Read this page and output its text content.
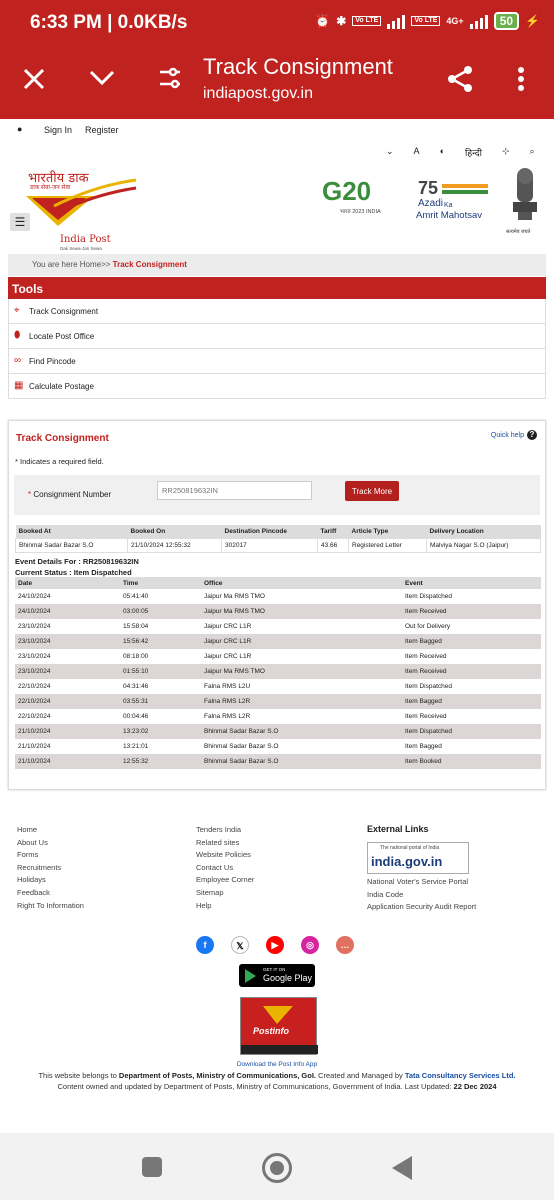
6:33 PM | 0.0KB/s	⏰ ✱	Vo LTE	Vo LTE	4G+	50	⚡
Track Consignment
indiapost.gov.in
● Sign In Register
⌄ A ◐ हिन्दी ⊹ ⌕
भारतीय डाक
डाक सेवा-जन सेवा
India Post
Dak Sewa-Jan Sewa
☰
G20
भारत 2023 INDIA
75
Azadi Ka
Amrit Mahotsav
सत्यमेव जयते
You are here Home>> Track Consignment
Tools
⌖	Track Consignment
⬮	Locate Post Office
∞ Find Pincode
▦ Calculate Postage
Track Consignment	Quick help ?
* Indicates a required field.
* Consignment Number
RR250819632IN	Track More
Booked At	Booked On	Destination Pincode	Tariff	Article Type	Delivery Location
Bhinmal Sadar Bazar S.O	21/10/2024 12:55:32	302017	43.66	Registered Letter	Malviya Nagar S.O (Jaipur)
Event Details For : RR250819632IN
Current Status : Item Dispatched
Date	Time	Office	Event
24/10/2024	05:41:40	Jaipur Ma RMS TMO	Item Dispatched
24/10/2024	03:00:05	Jaipur Ma RMS TMO	Item Received
23/10/2024	15:58:04	Jaipur CRC L1R	Out for Delivery
23/10/2024	15:56:42	Jaipur CRC L1R	Item Bagged
23/10/2024	08:18:00	Jaipur CRC L1R	Item Received
23/10/2024	01:55:10	Jaipur Ma RMS TMO	Item Received
22/10/2024	04:31:46	Falna RMS L2U	Item Dispatched
22/10/2024	03:55:31	Falna RMS L2R	Item Bagged
22/10/2024	00:04:46	Falna RMS L2R	Item Received
21/10/2024	13:23:02	Bhinmal Sadar Bazar S.O	Item Dispatched
21/10/2024	13:21:01	Bhinmal Sadar Bazar S.O	Item Bagged
21/10/2024	12:55:32	Bhinmal Sadar Bazar S.O	Item Booked
Home
About Us
Forms
Recruitments
Holidays
Feedback
Right To Information
Tenders India
Related sites
Website Policies
Contact Us
Employee Corner
Sitemap
Help
External Links
The national portal of India
india.gov.in
National Voter's Service Portal
India Code
Application Security Audit Report
f	𝕏	▶	◎	…
GET IT ON
Google Play
Postinfo
Download the Post Info App
This website belongs to Department of Posts, Ministry of Communications, GoI. Created and Managed by Tata Consultancy Services Ltd.
Content owned and updated by Department of Posts, Ministry of Communications, Government of India. Last Updated: 22 Dec 2024
